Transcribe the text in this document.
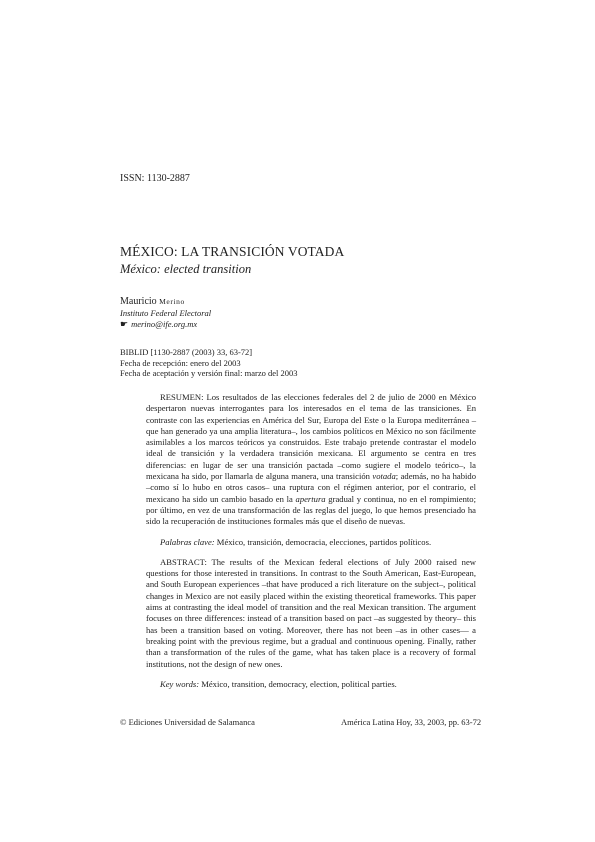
ISSN: 1130-2887
MÉXICO: LA TRANSICIÓN VOTADA
México: elected transition
Mauricio Merino
Instituto Federal Electoral
☛ merino@ife.org.mx
BIBLID [1130-2887 (2003) 33, 63-72]
Fecha de recepción: enero del 2003
Fecha de aceptación y versión final: marzo del 2003

RESUMEN: Los resultados de las elecciones federales del 2 de julio de 2000 en México despertaron nuevas interrogantes para los interesados en el tema de las transiciones. En contraste con las experiencias en América del Sur, Europa del Este o la Europa mediterránea –que han generado ya una amplia literatura–, los cambios políticos en México no son fácilmente asimilables a los marcos teóricos ya construidos. Este trabajo pretende contrastar el modelo ideal de transición y la verdadera transición mexicana. El argumento se centra en tres diferencias: en lugar de ser una transición pactada –como sugiere el modelo teórico–, la mexicana ha sido, por llamarla de alguna manera, una transición votada; además, no ha habido –como sí lo hubo en otros casos– una ruptura con el régimen anterior, por el contrario, el mexicano ha sido un cambio basado en la apertura gradual y continua, no en el rompimiento; por último, en vez de una transformación de las reglas del juego, lo que hemos presenciado ha sido la recuperación de instituciones formales más que el diseño de nuevas.

Palabras clave: México, transición, democracia, elecciones, partidos políticos.

ABSTRACT: The results of the Mexican federal elections of July 2000 raised new questions for those interested in transitions. In contrast to the South American, East-European, and South European experiences –that have produced a rich literature on the subject–, political changes in Mexico are not easily placed within the existing theoretical frameworks. This paper aims at contrasting the ideal model of transition and the real Mexican transition. The argument focuses on three differences: instead of a transition based on pact –as suggested by theory– this has been a transition based on voting. Moreover, there has not been –as in other cases— a breaking point with the previous regime, but a gradual and continuous opening. Finally, rather than a transformation of the rules of the game, what has taken place is a recovery of formal institutions, not the design of new ones.

Key words: México, transition, democracy, election, political parties.

© Ediciones Universidad de Salamanca	América Latina Hoy, 33, 2003, pp. 63-72
